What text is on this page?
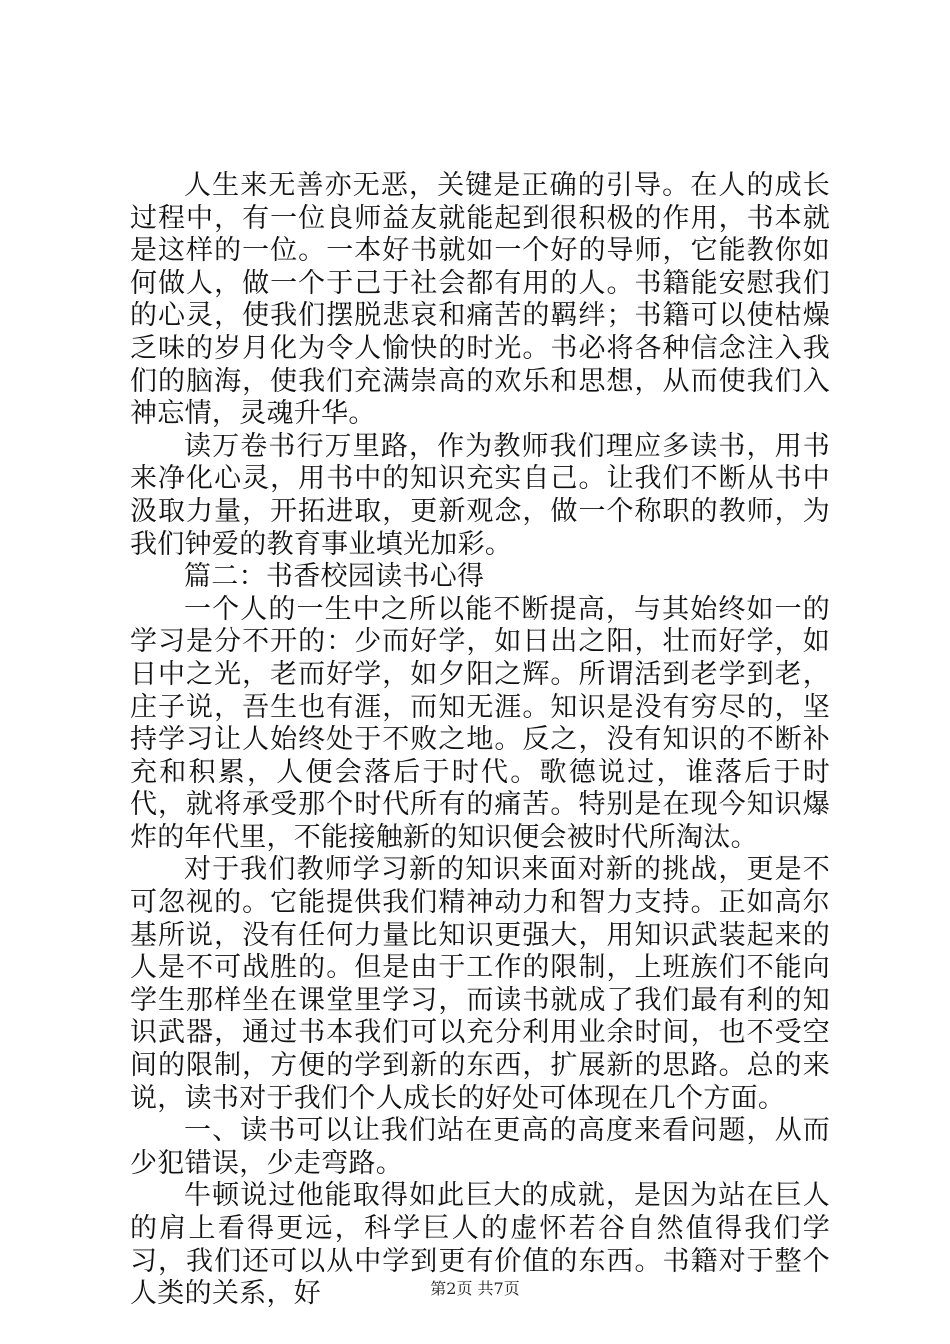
人生来无善亦无恶，关键是正确的引导。在人的成长过程中，有一位良师益友就能起到很积极的作用，书本就是这样的一位。一本好书就如一个好的导师，它能教你如何做人，做一个于己于社会都有用的人。书籍能安慰我们的心灵，使我们摆脱悲哀和痛苦的羁绊；书籍可以使枯燥乏味的岁月化为令人愉快的时光。书必将各种信念注入我们的脑海，使我们充满崇高的欢乐和思想，从而使我们入神忘情，灵魂升华。

读万卷书行万里路，作为教师我们理应多读书，用书来净化心灵，用书中的知识充实自己。让我们不断从书中汲取力量，开拓进取，更新观念，做一个称职的教师，为我们钟爱的教育事业填光加彩。

篇二：书香校园读书心得

一个人的一生中之所以能不断提高，与其始终如一的学习是分不开的：少而好学，如日出之阳，壮而好学，如日中之光，老而好学，如夕阳之辉。所谓活到老学到老，庄子说，吾生也有涯，而知无涯。知识是没有穷尽的，坚持学习让人始终处于不败之地。反之，没有知识的不断补充和积累，人便会落后于时代。歌德说过，谁落后于时代，就将承受那个时代所有的痛苦。特别是在现今知识爆炸的年代里，不能接触新的知识便会被时代所淘汰。

对于我们教师学习新的知识来面对新的挑战，更是不可忽视的。它能提供我们精神动力和智力支持。正如高尔基所说，没有任何力量比知识更强大，用知识武装起来的人是不可战胜的。但是由于工作的限制，上班族们不能向学生那样坐在课堂里学习，而读书就成了我们最有利的知识武器，通过书本我们可以充分利用业余时间，也不受空间的限制，方便的学到新的东西，扩展新的思路。总的来说，读书对于我们个人成长的好处可体现在几个方面。

一、读书可以让我们站在更高的高度来看问题，从而少犯错误，少走弯路。

牛顿说过他能取得如此巨大的成就，是因为站在巨人的肩上看得更远，科学巨人的虚怀若谷自然值得我们学习，我们还可以从中学到更有价值的东西。书籍对于整个人类的关系，好	第2页 共7页
